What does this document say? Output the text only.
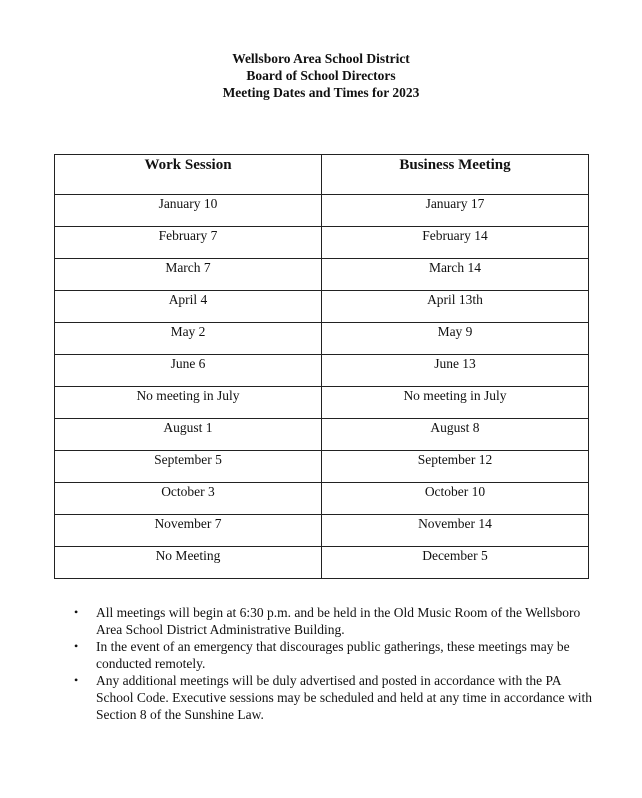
Wellsboro Area School District
Board of School Directors
Meeting Dates and Times for 2023
Work Session	Business Meeting
January 10	January 17
February 7	February 14
March 7	March 14
April 4	April 13th
May 2	May 9
June 6	June 13
No meeting in July	No meeting in July
August 1	August 8
September 5	September 12
October 3	October 10
November 7	November 14
No Meeting	December 5
• All meetings will begin at 6:30 p.m. and be held in the Old Music Room of the Wellsboro Area School District Administrative Building.
• In the event of an emergency that discourages public gatherings, these meetings may be conducted remotely.
• Any additional meetings will be duly advertised and posted in accordance with the PA School Code. Executive sessions may be scheduled and held at any time in accordance with Section 8 of the Sunshine Law.
